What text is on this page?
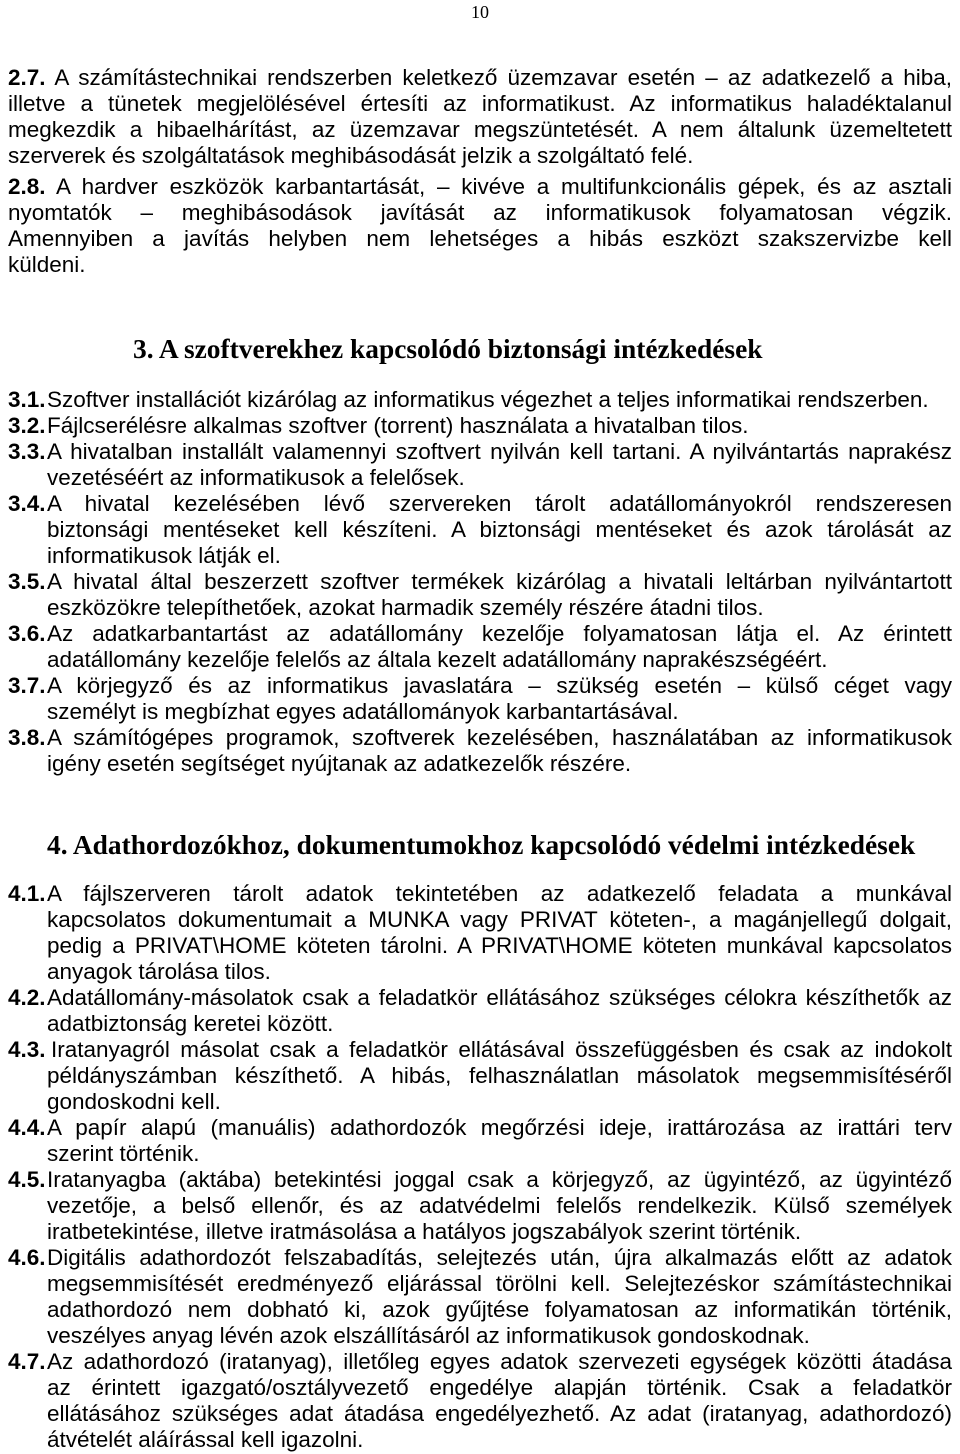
10
2.7. A számítástechnikai rendszerben keletkező üzemzavar esetén – az adatkezelő a hiba,
illetve a tünetek megjelölésével értesíti az informatikust. Az informatikus haladéktalanul
megkezdik a hibaelhárítást, az üzemzavar megszüntetését. A nem általunk üzemeltetett
szerverek és szolgáltatások meghibásodását jelzik a szolgáltató felé.
2.8. A hardver eszközök karbantartását, – kivéve a multifunkcionális gépek, és az asztali
nyomtatók – meghibásodások javítását az informatikusok folyamatosan végzik.
Amennyiben a javítás helyben nem lehetséges a hibás eszközt szakszervizbe kell
küldeni.
3. A szoftverekhez kapcsolódó biztonsági intézkedések
3.1. Szoftver installációt kizárólag az informatikus végezhet a teljes informatikai rendszerben.
3.2. Fájlcserélésre alkalmas szoftver (torrent) használata a hivatalban tilos.
3.3. A hivatalban installált valamennyi szoftvert nyilván kell tartani. A nyilvántartás naprakész
vezetéséért az informatikusok a felelősek.
3.4. A hivatal kezelésében lévő szervereken tárolt adatállományokról rendszeresen
biztonsági mentéseket kell készíteni. A biztonsági mentéseket és azok tárolását az
informatikusok látják el.
3.5. A hivatal által beszerzett szoftver termékek kizárólag a hivatali leltárban nyilvántartott
eszközökre telepíthetőek, azokat harmadik személy részére átadni tilos.
3.6. Az adatkarbantartást az adatállomány kezelője folyamatosan látja el. Az érintett
adatállomány kezelője felelős az általa kezelt adatállomány naprakészségéért.
3.7. A körjegyző és az informatikus javaslatára – szükség esetén – külső céget vagy
személyt is megbízhat egyes adatállományok karbantartásával.
3.8. A számítógépes programok, szoftverek kezelésében, használatában az informatikusok
igény esetén segítséget nyújtanak az adatkezelők részére.
4. Adathordozókhoz, dokumentumokhoz kapcsolódó védelmi intézkedések
4.1. A fájlszerveren tárolt adatok tekintetében az adatkezelő feladata a munkával
kapcsolatos dokumentumait a MUNKA vagy PRIVAT köteten-, a magánjellegű dolgait,
pedig a PRIVAT\HOME köteten tárolni. A PRIVAT\HOME köteten munkával kapcsolatos
anyagok tárolása tilos.
4.2. Adatállomány-másolatok csak a feladatkör ellátásához szükséges célokra készíthetők az
adatbiztonság keretei között.
4.3. Iratanyagról másolat csak a feladatkör ellátásával összefüggésben és csak az indokolt
példányszámban készíthető. A hibás, felhasználatlan másolatok megsemmisítéséről
gondoskodni kell.
4.4. A papír alapú (manuális) adathordozók megőrzési ideje, irattározása az irattári terv
szerint történik.
4.5. Iratanyagba (aktába) betekintési joggal csak a körjegyző, az ügyintéző, az ügyintéző
vezetője, a belső ellenőr, és az adatvédelmi felelős rendelkezik. Külső személyek
iratbetekintése, illetve iratmásolása a hatályos jogszabályok szerint történik.
4.6. Digitális adathordozót felszabadítás, selejtezés után, újra alkalmazás előtt az adatok
megsemmisítését eredményező eljárással törölni kell. Selejtezéskor számítástechnikai
adathordozó nem dobható ki, azok gyűjtése folyamatosan az informatikán történik,
veszélyes anyag lévén azok elszállításáról az informatikusok gondoskodnak.
4.7. Az adathordozó (iratanyag), illetőleg egyes adatok szervezeti egységek közötti átadása
az érintett igazgató/osztályvezető engedélye alapján történik. Csak a feladatkör
ellátásához szükséges adat átadása engedélyezhető. Az adat (iratanyag, adathordozó)
átvételét aláírással kell igazolni.
